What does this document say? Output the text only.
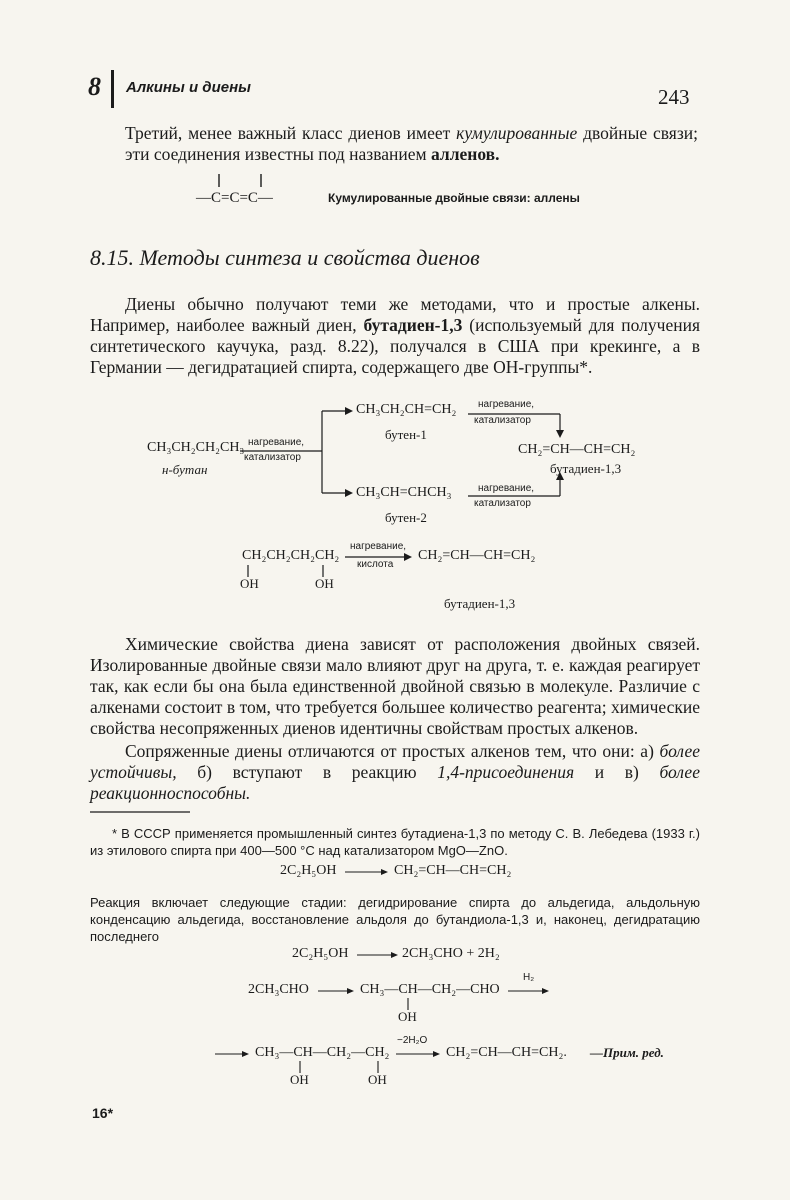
8 Алкины и диены	243

Третий, менее важный класс диенов имеет кумулированные двойные связи; эти соединения известны под названием алленов.

—C=C=C—	Кумулированные двойные связи: аллены
8.15. Методы синтеза и свойства диенов

Диены обычно получают теми же методами, что и простые алкены. Например, наиболее важный диен, бутадиен-1,3 (используемый для получения синтетического каучука, разд. 8.22), получался в США при крекинге, а в Германии — дегидратацией спирта, содержащего две ОН-группы*.

CH₃CH₂CH₂CH₃
н-бутан
нагревание,
катализатор
CH₃CH₂CH=CH₂
бутен-1
нагревание,
катализатор
CH₂=CH—CH=CH₂
бутадиен-1,3
CH₃CH=CHCH₃
бутен-2
нагревание,
катализатор
CH₂CH₂CH₂CH₂
OH	OH
нагревание,
кислота
CH₂=CH—CH=CH₂
бутадиен-1,3

Химические свойства диена зависят от расположения двойных связей. Изолированные двойные связи мало влияют друг на друга, т. е. каждая реагирует так, как если бы она была единственной двойной связью в молекуле. Различие с алкенами состоит в том, что требуется большее количество реагента; химические свойства несопряженных диенов идентичны свойствам простых алкенов.

Сопряженные диены отличаются от простых алкенов тем, что они: а) более устойчивы, б) вступают в реакцию 1,4-присоединения и в) более реакционноспособны.

* В СССР применяется промышленный синтез бутадиена-1,3 по методу С. В. Лебедева (1933 г.) из этилового спирта при 400—500 °С над катализатором MgO—ZnO.
2C₂H₅OH	CH₂=CH—CH=CH₂
Реакция включает следующие стадии: дегидрирование спирта до альдегида, альдольную конденсацию альдегида, восстановление альдоля до бутандиола-1,3 и, наконец, дегидратацию последнего
2C₂H₅OH	2CH₃CHO + 2H₂
2CH₃CHO	CH₃—CH—CH₂—CHO
H₂
OH
CH₃—CH—CH₂—CH₂
−2H₂O
CH₂=CH—CH=CH₂. —Прим. ред.
OH	OH
16*
